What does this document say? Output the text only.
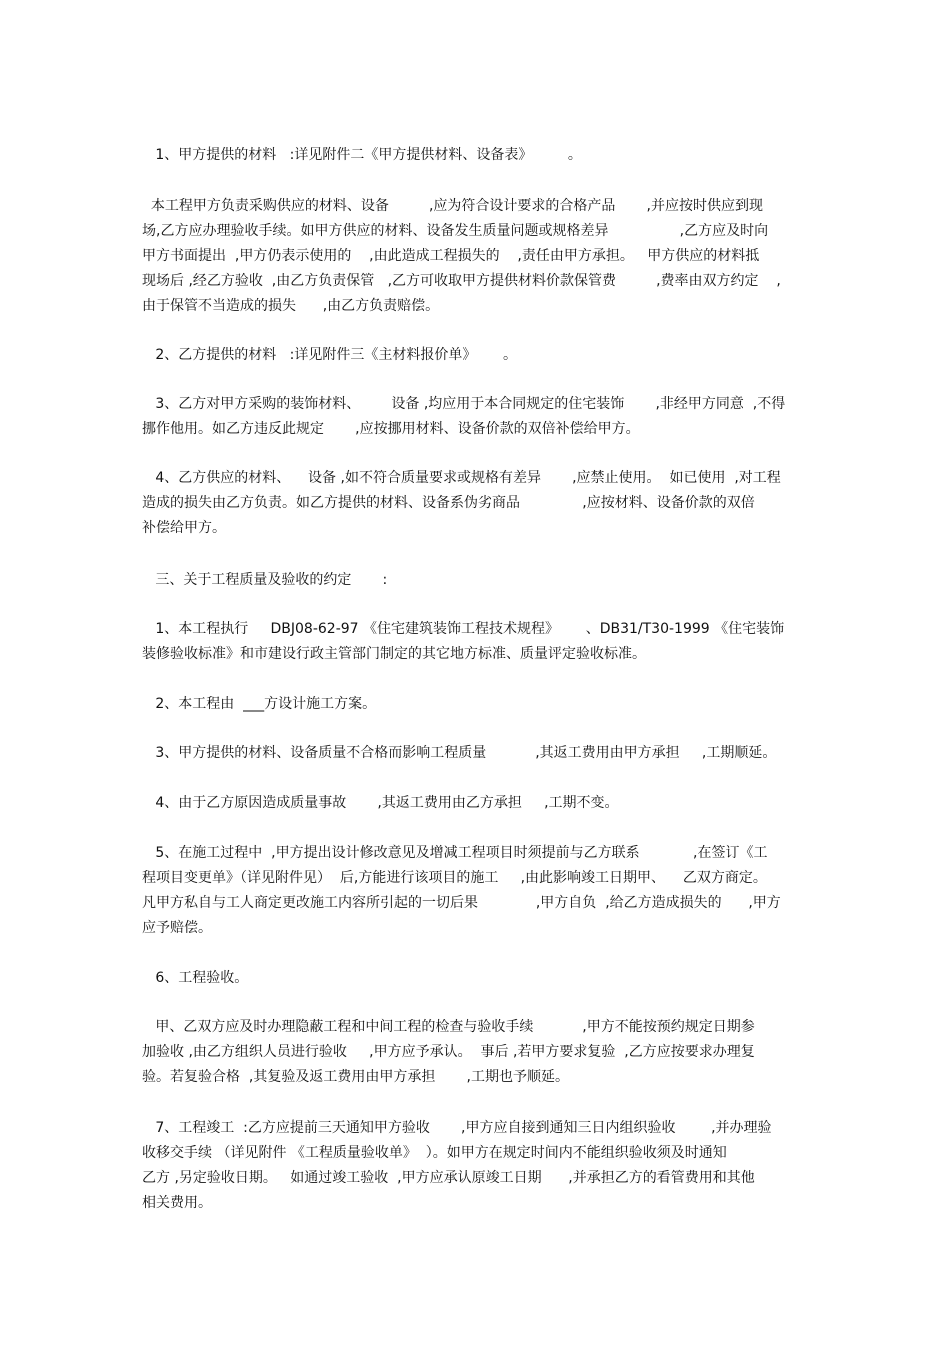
1、甲方提供的材料   :详见附件二《甲方提供材料、设备表》        。
本工程甲方负责采购供应的材料、设备         ,应为符合设计要求的合格产品       ,并应按时供应到现
场,乙方应办理验收手续。如甲方供应的材料、设备发生质量问题或规格差异                ,乙方应及时向
甲方书面提出  ,甲方仍表示使用的    ,由此造成工程损失的    ,责任由甲方承担。   甲方供应的材料抵
现场后 ,经乙方验收  ,由乙方负责保管   ,乙方可收取甲方提供材料价款保管费         ,费率由双方约定    ,
由于保管不当造成的损失      ,由乙方负责赔偿。
2、乙方提供的材料   :详见附件三《主材料报价单》      。
3、乙方对甲方采购的装饰材料、       设备 ,均应用于本合同规定的住宅装饰       ,非经甲方同意  ,不得
挪作他用。如乙方违反此规定       ,应按挪用材料、设备价款的双倍补偿给甲方。
4、乙方供应的材料、    设备 ,如不符合质量要求或规格有差异       ,应禁止使用。  如已使用  ,对工程
造成的损失由乙方负责。如乙方提供的材料、设备系伪劣商品              ,应按材料、设备价款的双倍
补偿给甲方。
三、关于工程质量及验收的约定       :
1、本工程执行     DBJ08-62-97 《住宅建筑装饰工程技术规程》      、DB31/T30-1999 《住宅装饰
装修验收标准》和市建设行政主管部门制定的其它地方标准、质量评定验收标准。
2、本工程由  ___方设计施工方案。
3、甲方提供的材料、设备质量不合格而影响工程质量           ,其返工费用由甲方承担     ,工期顺延。
4、由于乙方原因造成质量事故       ,其返工费用由乙方承担     ,工期不变。
5、在施工过程中  ,甲方提出设计修改意见及增减工程项目时须提前与乙方联系            ,在签订《工
程项目变更单》（详见附件见）  后,方能进行该项目的施工     ,由此影响竣工日期甲、    乙双方商定。
凡甲方私自与工人商定更改施工内容所引起的一切后果             ,甲方自负  ,给乙方造成损失的      ,甲方
应予赔偿。
6、工程验收。
甲、乙双方应及时办理隐蔽工程和中间工程的检查与验收手续           ,甲方不能按预约规定日期参
加验收 ,由乙方组织人员进行验收     ,甲方应予承认。  事后 ,若甲方要求复验  ,乙方应按要求办理复
验。若复验合格  ,其复验及返工费用由甲方承担       ,工期也予顺延。
7、工程竣工  :乙方应提前三天通知甲方验收       ,甲方应自接到通知三日内组织验收        ,并办理验
收移交手续 （详见附件 《工程质量验收单》  ）。如甲方在规定时间内不能组织验收须及时通知
乙方 ,另定验收日期。   如通过竣工验收  ,甲方应承认原竣工日期      ,并承担乙方的看管费用和其他
相关费用。
